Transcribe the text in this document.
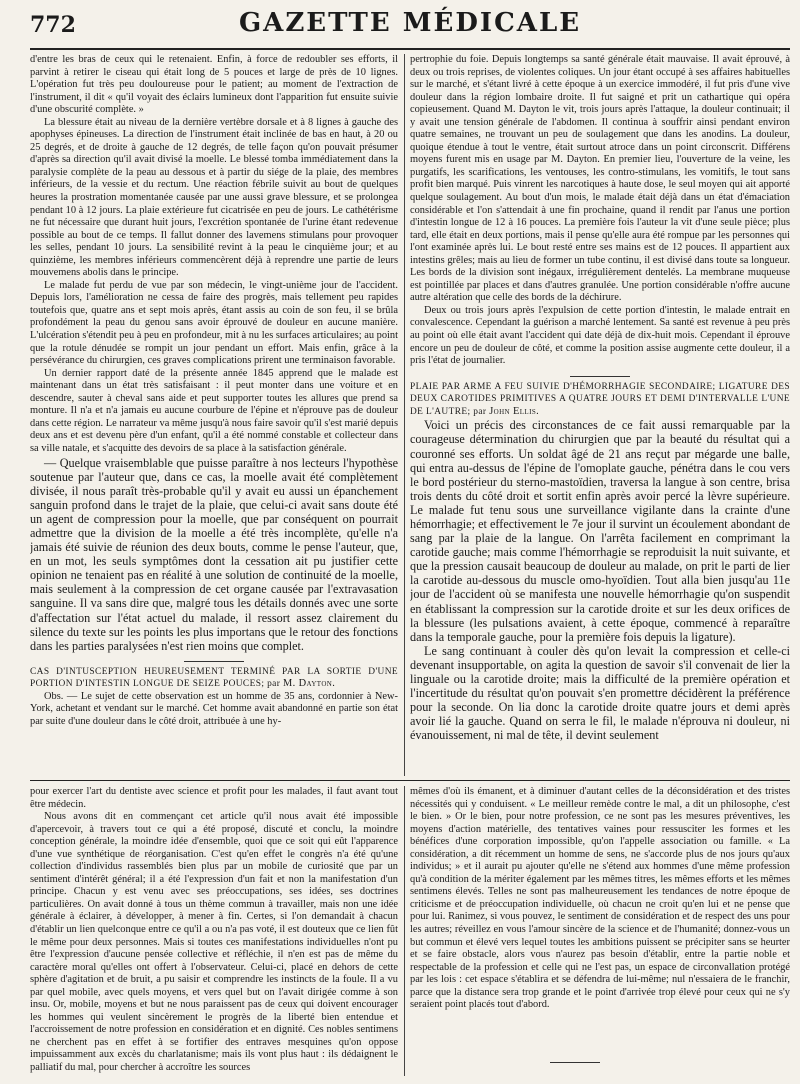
772	GAZETTE MÉDICALE

d'entre les bras de ceux qui le retenaient. Enfin, à force de redoubler ses efforts, il parvint à retirer le ciseau qui était long de 5 pouces et large de près de 10 lignes. L'opération fut très peu douloureuse pour le patient; au moment de l'extraction de l'instrument, il dit « qu'il voyait des éclairs lumineux dont l'apparition fut ensuite suivie d'une obscurité complète. »

La blessure était au niveau de la dernière vertèbre dorsale et à 8 lignes à gauche des apophyses épineuses. La direction de l'instrument était inclinée de bas en haut, à 20 ou 25 degrés, et de droite à gauche de 12 degrés, de telle façon qu'on pouvait présumer d'après sa direction qu'il avait divisé la moelle. Le blessé tomba immédiatement dans la paralysie complète de la peau au dessous et à partir du siége de la plaie, des membres inférieurs, de la vessie et du rectum. Une réaction fébrile suivit au bout de quelques heures la prostration momentanée causée par une aussi grave blessure, et se prolongea pendant 10 à 12 jours. La plaie extérieure fut cicatrisée en peu de jours. Le cathétérisme ne fut nécessaire que durant huit jours, l'excrétion spontanée de l'urine étant redevenue possible au bout de ce temps. Il fallut donner des lavemens stimulans pour provoquer les selles, pendant 10 jours. La sensibilité revint à la peau le cinquième jour; et au quinzième, les membres inférieurs commencèrent déjà à reprendre une partie de leurs mouvemens abolis dans le principe.

Le malade fut perdu de vue par son médecin, le vingt-unième jour de l'accident. Depuis lors, l'amélioration ne cessa de faire des progrès, mais tellement peu rapides toutefois que, quatre ans et sept mois après, étant assis au coin de son feu, il se brûla profondément la peau du genou sans avoir éprouvé de douleur en aucune manière. L'ulcération s'étendit peu à peu en profondeur, mit à nu les surfaces articulaires; au point que la rotule dénudée se rompit un jour pendant un effort. Mais enfin, grâce à la persévérance du chirurgien, ces graves complications prirent une terminaison favorable.

Un dernier rapport daté de la présente année 1845 apprend que le malade est maintenant dans un état très satisfaisant : il peut monter dans une voiture et en descendre, sauter à cheval sans aide et peut supporter toutes les allures que prend sa monture. Il n'a et n'a jamais eu aucune courbure de l'épine et n'éprouve pas de douleur dans cette région. Le narrateur va même jusqu'à nous faire savoir qu'il s'est marié depuis deux ans et est devenu père d'un enfant, qu'il a été nommé constable et collecteur dans sa ville natale, et s'acquitte des devoirs de sa place à la satisfaction générale.

— Quelque vraisemblable que puisse paraître à nos lecteurs l'hypothèse soutenue par l'auteur que, dans ce cas, la moelle avait été complètement divisée, il nous paraît très-probable qu'il y avait eu aussi un épanchement sanguin profond dans le trajet de la plaie, que celui-ci avait sans doute été un agent de compression pour la moelle, que par conséquent on pourrait admettre que la division de la moelle a été très incomplète, qu'elle n'a jamais été suivie de réunion des deux bouts, comme le pense l'auteur, que, en un mot, les seuls symptômes dont la cessation ait pu justifier cette opinion ne tenaient pas en réalité à une solution de continuité de la moelle, mais seulement à la compression de cet organe causée par l'extravasation sanguine. Il va sans dire que, malgré tous les détails donnés avec une sorte d'affectation sur l'état actuel du malade, il ressort assez clairement du silence du texte sur les points les plus importans que le retour des fonctions dans les parties paralysées n'est rien moins que complet.

CAS D'INTUSCEPTION HEUREUSEMENT TERMINÉ PAR LA SORTIE D'UNE PORTION D'INTESTIN LONGUE DE SEIZE POUCES; par M. Dayton.

Obs. — Le sujet de cette observation est un homme de 35 ans, cordonnier à New-York, achetant et vendant sur le marché. Cet homme avait abandonné en partie son état par suite d'une douleur dans le côté droit, attribuée à une hy-

pertrophie du foie. Depuis longtemps sa santé générale était mauvaise. Il avait éprouvé, à deux ou trois reprises, de violentes coliques. Un jour étant occupé à ses affaires habituelles sur le marché, et s'étant livré à cette époque à un exercice immodéré, il fut pris d'une vive douleur dans la région lombaire droite. Il fut saigné et prit un cathartique qui opéra copieusement. Quand M. Dayton le vit, trois jours après l'attaque, la douleur continuait; il y avait une tension générale de l'abdomen. Il continua à souffrir ainsi pendant environ quatre semaines, ne trouvant un peu de soulagement que dans les anodins. La douleur, quoique étendue à tout le ventre, était surtout atroce dans un point circonscrit. Différens moyens furent mis en usage par M. Dayton. En premier lieu, l'ouverture de la veine, les purgatifs, les scarifications, les ventouses, les contro-stimulans, les vomitifs, le tout sans profit bien marqué. Puis vinrent les narcotiques à haute dose, le seul moyen qui ait apporté quelque soulagement. Au bout d'un mois, le malade était déjà dans un état d'émaciation considérable et l'on s'attendait à une fin prochaine, quand il rendit par l'anus une portion d'intestin longue de 12 à 16 pouces. La première fois l'auteur la vit d'une seule pièce; plus tard, elle était en deux portions, mais il pense qu'elle aura été rompue par les personnes qui l'ont examinée après lui. Le bout resté entre ses mains est de 12 pouces. Il appartient aux intestins grêles; mais au lieu de former un tube continu, il est divisé dans toute sa longueur. Les bords de la division sont inégaux, irrégulièrement dentelés. La membrane muqueuse est pointillée par places et dans d'autres granulée. Une portion considérable n'offre aucune autre altération que celle des bords de la déchirure.

Deux ou trois jours après l'expulsion de cette portion d'intestin, le malade entrait en convalescence. Cependant la guérison a marché lentement. Sa santé est revenue à peu près au point où elle était avant l'accident qui date déjà de dix-huit mois. Cependant il éprouve encore un peu de douleur de côté, et comme la position assise augmente cette douleur, il a pris l'état de journalier.

PLAIE PAR ARME A FEU SUIVIE D'HÉMORRHAGIE SECONDAIRE; LIGATURE DES DEUX CAROTIDES PRIMITIVES A QUATRE JOURS ET DEMI D'INTERVALLE L'UNE DE L'AUTRE; par John Ellis.

Voici un précis des circonstances de ce fait aussi remarquable par la courageuse détermination du chirurgien que par la beauté du résultat qui a couronné ses efforts. Un soldat âgé de 21 ans reçut par mégarde une balle, qui entra au-dessus de l'épine de l'omoplate gauche, pénétra dans le cou vers le bord postérieur du sterno-mastoïdien, traversa la langue à son centre, brisa trois dents du côté droit et sortit enfin après avoir percé la lèvre supérieure. Le malade fut tenu sous une surveillance vigilante dans la crainte d'une hémorrhagie; et effectivement le 7e jour il survint un écoulement abondant de sang par la plaie de la langue. On l'arrêta facilement en comprimant la carotide gauche; mais comme l'hémorrhagie se reproduisit la nuit suivante, et que la pression causait beaucoup de douleur au malade, on prit le parti de lier la carotide au-dessous du muscle omo-hyoïdien. Tout alla bien jusqu'au 11e jour de l'accident où se manifesta une nouvelle hémorrhagie qu'on suspendit en établissant la compression sur la carotide droite et sur les deux orifices de la blessure (les pulsations avaient, à cette époque, commencé à reparaître dans la temporale gauche, pour la première fois depuis la ligature).

Le sang continuant à couler dès qu'on levait la compression et celle-ci devenant insupportable, on agita la question de savoir s'il convenait de lier la linguale ou la carotide droite; mais la difficulté de la première opération et l'incertitude du résultat qu'on pouvait s'en promettre décidèrent la préférence pour la seconde. On lia donc la carotide droite quatre jours et demi après avoir lié la gauche. Quand on serra le fil, le malade n'éprouva ni douleur, ni évanouissement, ni mal de tête, il devint seulement

pour exercer l'art du dentiste avec science et profit pour les malades, il faut avant tout être médecin.

Nous avons dit en commençant cet article qu'il nous avait été impossible d'apercevoir, à travers tout ce qui a été proposé, discuté et conclu, la moindre conception générale, la moindre idée d'ensemble, quoi que ce soit qui eût l'apparence d'une vue synthétique de réorganisation. C'est qu'en effet le congrès n'a été qu'une collection d'individus rassemblés bien plus par un mobile de curiosité que par un sentiment d'intérêt général; il a été l'expression d'un fait et non la manifestation d'un principe. Chacun y est venu avec ses préoccupations, ses idées, ses doctrines particulières. On avait donné à tous un thème commun à travailler, mais non une idée générale à éclairer, à développer, à mener à fin. Certes, si l'on demandait à chacun d'établir un lien quelconque entre ce qu'il a ou n'a pas voté, il est douteux que ce lien fût le même pour deux personnes. Mais si toutes ces manifestations individuelles n'ont pu être l'expression d'aucune pensée collective et réfléchie, il n'en est pas de même du caractère moral qu'elles ont offert à l'observateur. Celui-ci, placé en dehors de cette sphère d'agitation et de bruit, a pu saisir et comprendre les instincts de la foule. Il a vu par quel mobile, avec quels moyens, et vers quel but on l'avait dirigée comme à son insu. Or, mobile, moyens et but ne nous paraissent pas de ceux qui doivent encourager les hommes qui veulent sincèrement le progrès de la liberté bien entendue et l'accroissement de notre profession en considération et en dignité. Ces nobles sentimens ne cherchent pas en effet à se fortifier des entraves mesquines qu'on oppose impuissamment aux excès du charlatanisme; mais ils vont plus haut : ils dédaignent le palliatif du mal, pour chercher à accroître les sources

mêmes d'où ils émanent, et à diminuer d'autant celles de la déconsidération et des tristes nécessités qui y conduisent. « Le meilleur remède contre le mal, a dit un philosophe, c'est le bien. » Or le bien, pour notre profession, ce ne sont pas les mesures préventives, les moyens d'action matérielle, des tentatives vaines pour ressusciter les formes et les bénéfices d'une corporation impossible, qu'on l'appelle association ou famille. « La considération, a dit récemment un homme de sens, ne s'accorde plus de nos jours qu'aux individus; » et il aurait pu ajouter qu'elle ne s'étend aux hommes d'une même profession qu'à condition de la mériter également par les mêmes titres, les mêmes efforts et les mêmes sentimens élevés. Telles ne sont pas malheureusement les tendances de notre époque de criticisme et de préoccupation individuelle, où chacun ne croit qu'en lui et ne pense que pour lui. Ranimez, si vous pouvez, le sentiment de considération et de respect des uns pour les autres; réveillez en vous l'amour sincère de la science et de l'humanité; donnez-vous un but commun et élevé vers lequel toutes les ambitions puissent se précipiter sans se heurter et se faire obstacle, alors vous n'aurez pas besoin d'établir, entre la partie noble et respectable de la profession et celle qui ne l'est pas, un espace de circonvallation protégé par les lois : cet espace s'établira et se défendra de lui-même; nul n'essaiera de le franchir, parce que la distance sera trop grande et le point d'arrivée trop élevé pour ceux qui ne s'y seraient point placés tout d'abord.
